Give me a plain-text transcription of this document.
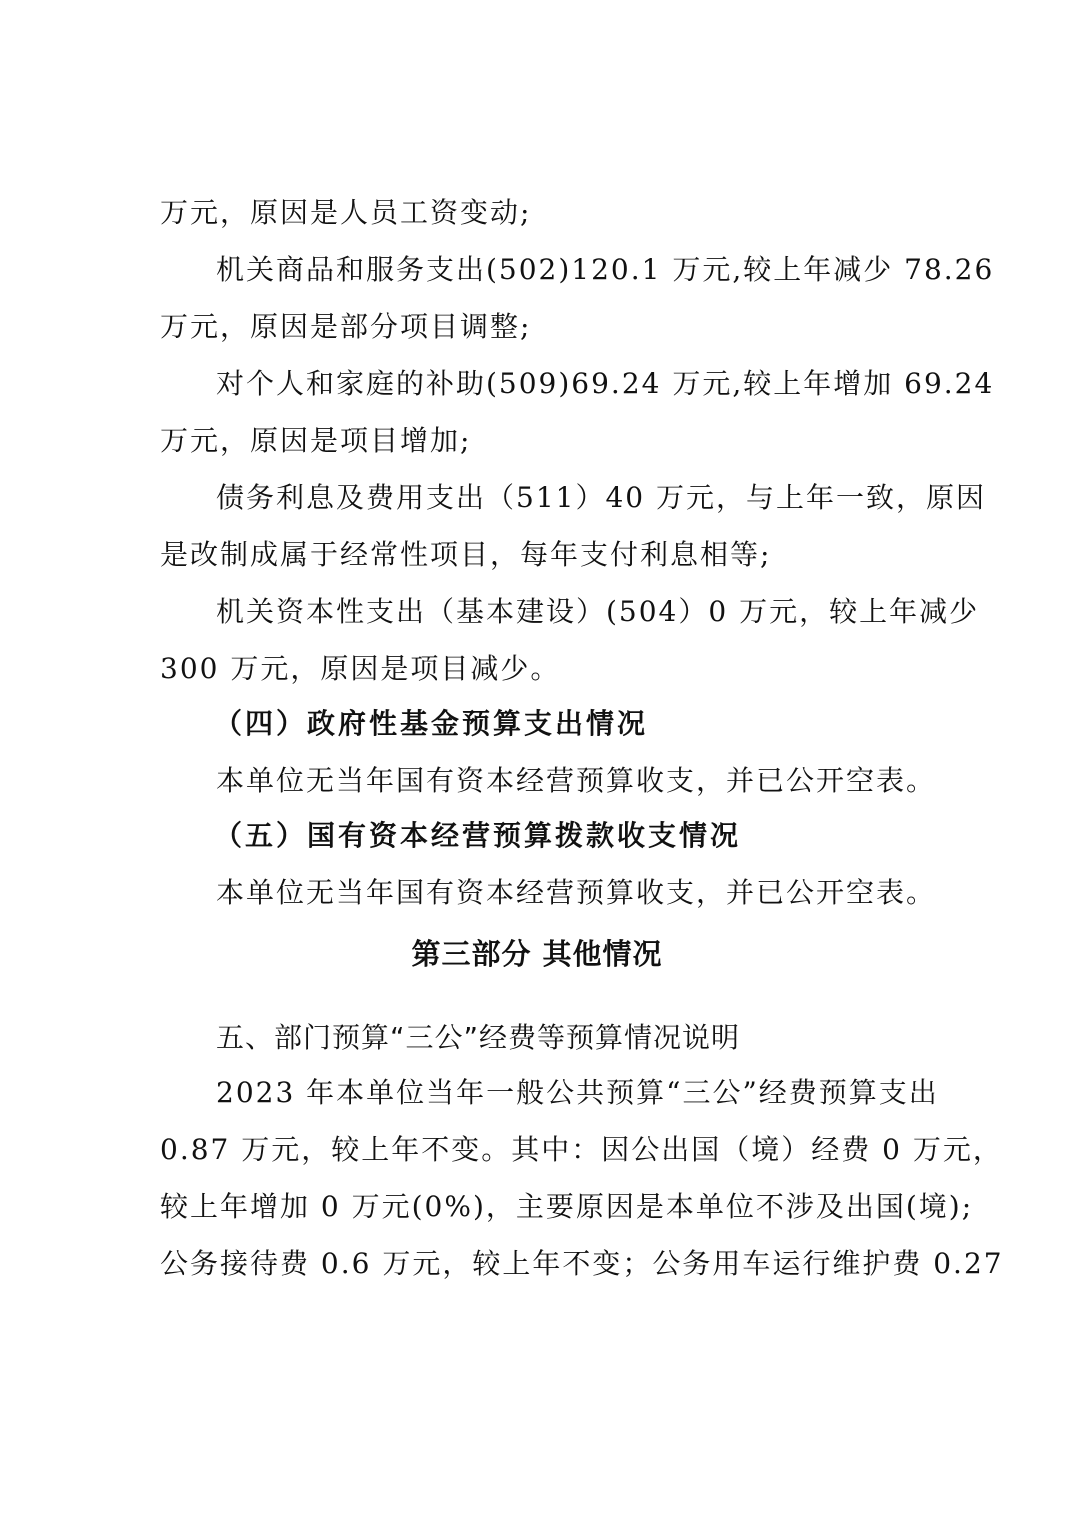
万元，原因是人员工资变动;
机关商品和服务支出(502)120.1 万元,较上年减少 78.26
万元，原因是部分项目调整;
对个人和家庭的补助(509)69.24 万元,较上年增加 69.24
万元，原因是项目增加;
债务利息及费用支出（511）40 万元，与上年一致，原因
是改制成属于经常性项目，每年支付利息相等;
机关资本性支出（基本建设）(504）0 万元，较上年减少
300 万元，原因是项目减少。
（四）政府性基金预算支出情况
本单位无当年国有资本经营预算收支，并已公开空表。
（五）国有资本经营预算拨款收支情况
本单位无当年国有资本经营预算收支，并已公开空表。
第三部分 其他情况
五、部门预算“三公”经费等预算情况说明
2023 年本单位当年一般公共预算“三公”经费预算支出
0.87 万元，较上年不变。其中：因公出国（境）经费 0 万元，
较上年增加 0 万元(0%)，主要原因是本单位不涉及出国(境);
公务接待费 0.6 万元，较上年不变；公务用车运行维护费 0.27
